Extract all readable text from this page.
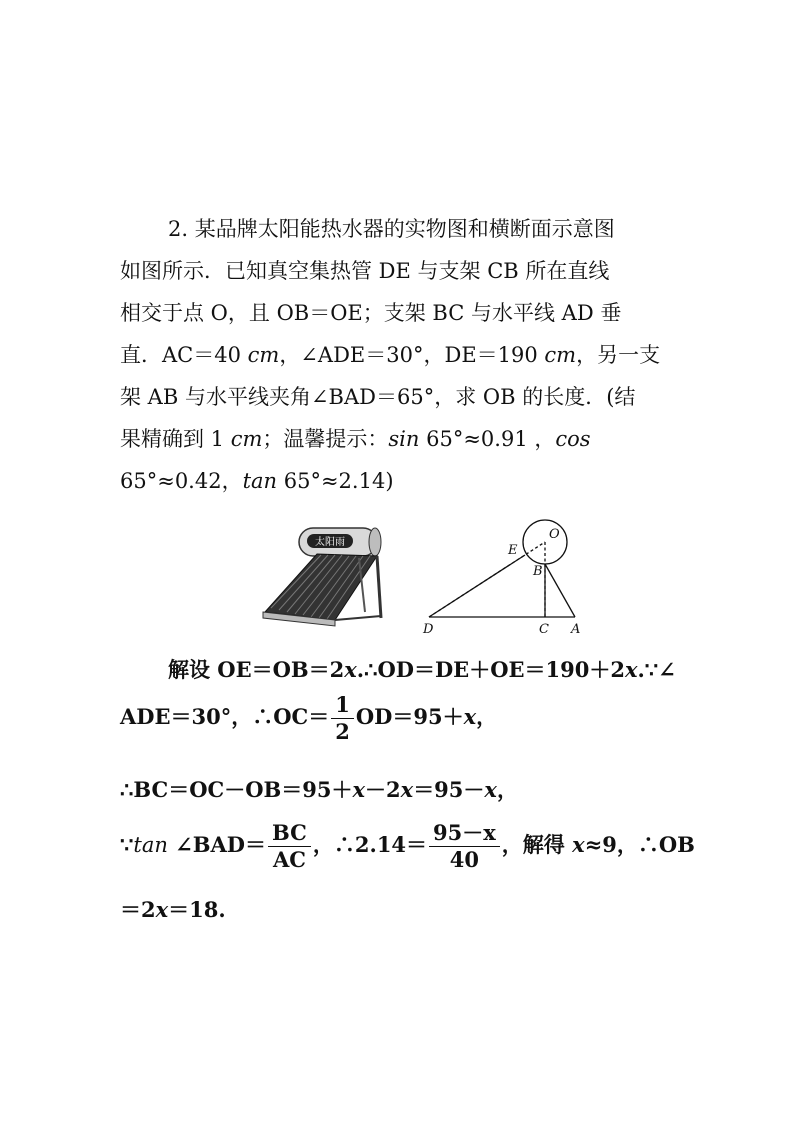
2. 某品牌太阳能热水器的实物图和横断面示意图

如图所示．已知真空集热管 DE 与支架 CB 所在直线

相交于点 O，且 OB＝OE；支架 BC 与水平线 AD 垂

直．AC＝40 cm，∠ADE＝30°，DE＝190 cm，另一支

架 AB 与水平线夹角∠BAD＝65°，求 OB 的长度．(结

果精确到 1 cm；温馨提示：sin 65°≈0.91 ，cos

65°≈0.42，tan 65°≈2.14)

太阳雨
O
E
B
D	C A
解设 OE＝OB＝2x.∴OD＝DE＋OE＝190＋2x.∵∠
ADE＝30°，∴OC＝ $\frac{1}{2} OD=95+x$，
∴BC＝OC－OB＝95＋x－2x＝95－x，
∵tan ∠BAD＝ $\frac{BC}{AC}$ ，∴2.14＝ $\frac{95-x}{40}$ ，解得 x≈9，∴OB
＝2x＝18.
